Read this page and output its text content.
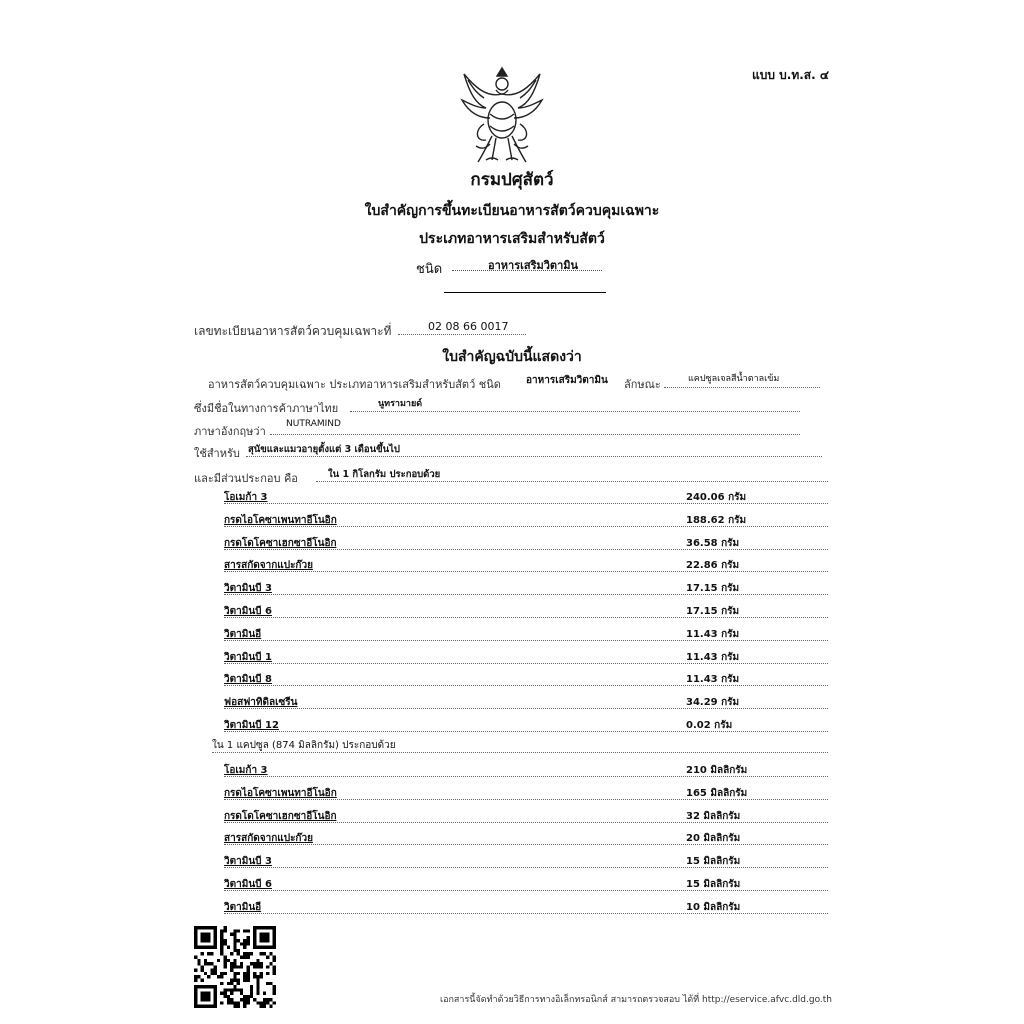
แบบ บ.ท.ส. ๔
กรมปศุสัตว์
ใบสำคัญการขึ้นทะเบียนอาหารสัตว์ควบคุมเฉพาะ
ประเภทอาหารเสริมสำหรับสัตว์
ชนิด	อาหารเสริมวิตามิน
เลขทะเบียนอาหารสัตว์ควบคุมเฉพาะที่	02 08 66 0017
ใบสำคัญฉบับนี้แสดงว่า
อาหารสัตว์ควบคุมเฉพาะ ประเภทอาหารเสริมสำหรับสัตว์ ชนิด	อาหารเสริมวิตามิน ลักษณะ	แคปซูลเจลสีน้ำตาลเข้ม
ซึ่งมีชื่อในทางการค้าภาษาไทย	นูทรามายด์
ภาษาอังกฤษว่า
NUTRAMIND
ใช้สำหรับ สุนัขและแมวอายุตั้งแต่ 3 เดือนขึ้นไป
และมีส่วนประกอบ คือ	ใน 1 กิโลกรัม ประกอบด้วย
โอเมก้า 3	240.06 กรัม
กรดไอโคซาเพนทาอีโนอิก	188.62 กรัม
กรดโดโคซาเฮกซาอีโนอิก	36.58 กรัม
สารสกัดจากแปะก๊วย	22.86 กรัม
วิตามินบี 3	17.15 กรัม
วิตามินบี 6	17.15 กรัม
วิตามินอี	11.43 กรัม
วิตามินบี 1	11.43 กรัม
วิตามินบี 8	11.43 กรัม
ฟอสฟาทิดิลเซรีน	34.29 กรัม
วิตามินบี 12	0.02 กรัม
ใน 1 แคปซูล (874 มิลลิกรัม) ประกอบด้วย
โอเมก้า 3	210 มิลลิกรัม
กรดไอโคซาเพนทาอีโนอิก	165 มิลลิกรัม
กรดโดโคซาเฮกซาอีโนอิก	32 มิลลิกรัม
สารสกัดจากแปะก๊วย	20 มิลลิกรัม
วิตามินบี 3	15 มิลลิกรัม
วิตามินบี 6	15 มิลลิกรัม
วิตามินอี	10 มิลลิกรัม
เอกสารนี้จัดทำด้วยวิธีการทางอิเล็กทรอนิกส์ สามารถตรวจสอบ ได้ที่ http://eservice.afvc.dld.go.th
